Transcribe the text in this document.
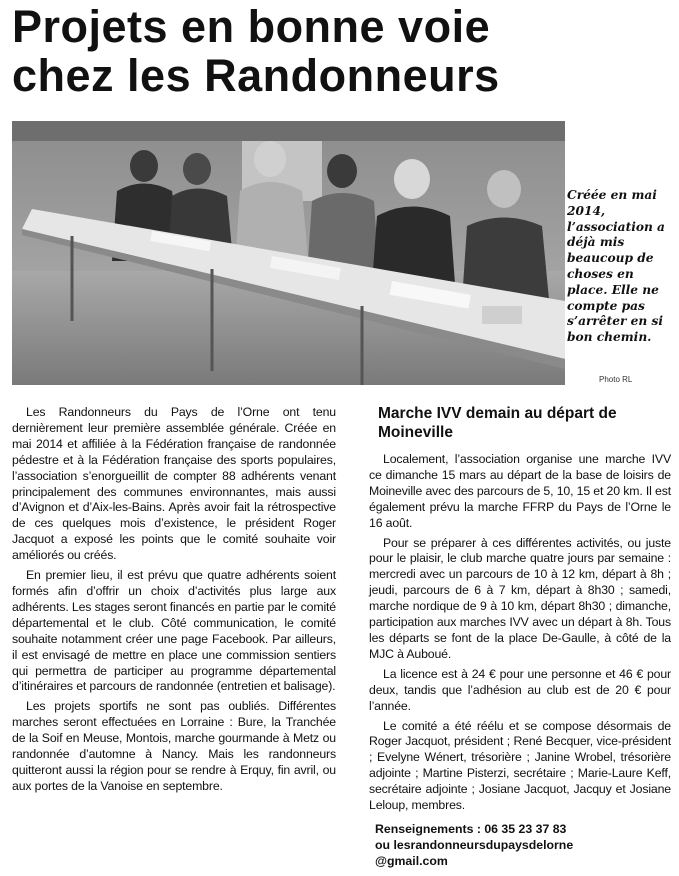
Projets en bonne voie
chez les Randonneurs
Créée en mai 2014, l’association a déjà mis beaucoup de choses en place. Elle ne compte pas s’arrêter en si bon chemin.
Photo RL

Les Randonneurs du Pays de l’Orne ont tenu dernièrement leur première assemblée générale. Créée en mai 2014 et affiliée à la Fédération française de randonnée pédestre et à la Fédération française des sports populaires, l’association s’enorgueillit de compter 88 adhérents venant principalement des communes environnantes, mais aussi d’Avignon et d’Aix-les-Bains. Après avoir fait la rétrospective de ces quelques mois d’existence, le président Roger Jacquot a exposé les points que le comité souhaite voir améliorés ou créés.

En premier lieu, il est prévu que quatre adhérents soient formés afin d’offrir un choix d’activités plus large aux adhérents. Les stages seront financés en partie par le comité départemental et le club. Côté communication, le comité souhaite notamment créer une page Facebook. Par ailleurs, il est envisagé de mettre en place une commission sentiers qui permettra de participer au programme départemental d’itinéraires et parcours de randonnée (entretien et balisage).

Les projets sportifs ne sont pas oubliés. Différentes marches seront effectuées en Lorraine : Bure, la Tranchée de la Soif en Meuse, Montois, marche gourmande à Metz ou randonnée d’automne à Nancy. Mais les randonneurs quitteront aussi la région pour se rendre à Erquy, fin avril, ou aux portes de la Vanoise en septembre.

Marche IVV demain au départ de Moineville

Localement, l’association organise une marche IVV ce dimanche 15 mars au départ de la base de loisirs de Moineville avec des parcours de 5, 10, 15 et 20 km. Il est également prévu la marche FFRP du Pays de l’Orne le 16 août.

Pour se préparer à ces différentes activités, ou juste pour le plaisir, le club marche quatre jours par semaine : mercredi avec un parcours de 10 à 12 km, départ à 8h ; jeudi, parcours de 6 à 7 km, départ à 8h30 ; samedi, marche nordique de 9 à 10 km, départ 8h30 ; dimanche, participation aux marches IVV avec un départ à 8h. Tous les départs se font de la place De-Gaulle, à côté de la MJC à Auboué.

La licence est à 24 € pour une personne et 46 € pour deux, tandis que l’adhésion au club est de 20 € pour l’année.

Le comité a été réélu et se compose désormais de Roger Jacquot, président ; René Becquer, vice-président ; Evelyne Wénert, trésorière ; Janine Wrobel, trésorière adjointe ; Martine Pisterzi, secrétaire ; Marie-Laure Keff, secrétaire adjointe ; Josiane Jacquot, Jacquy et Josiane Leloup, membres.

Renseignements : 06 35 23 37 83
ou lesrandonneursdupaysdelorne
@gmail.com
